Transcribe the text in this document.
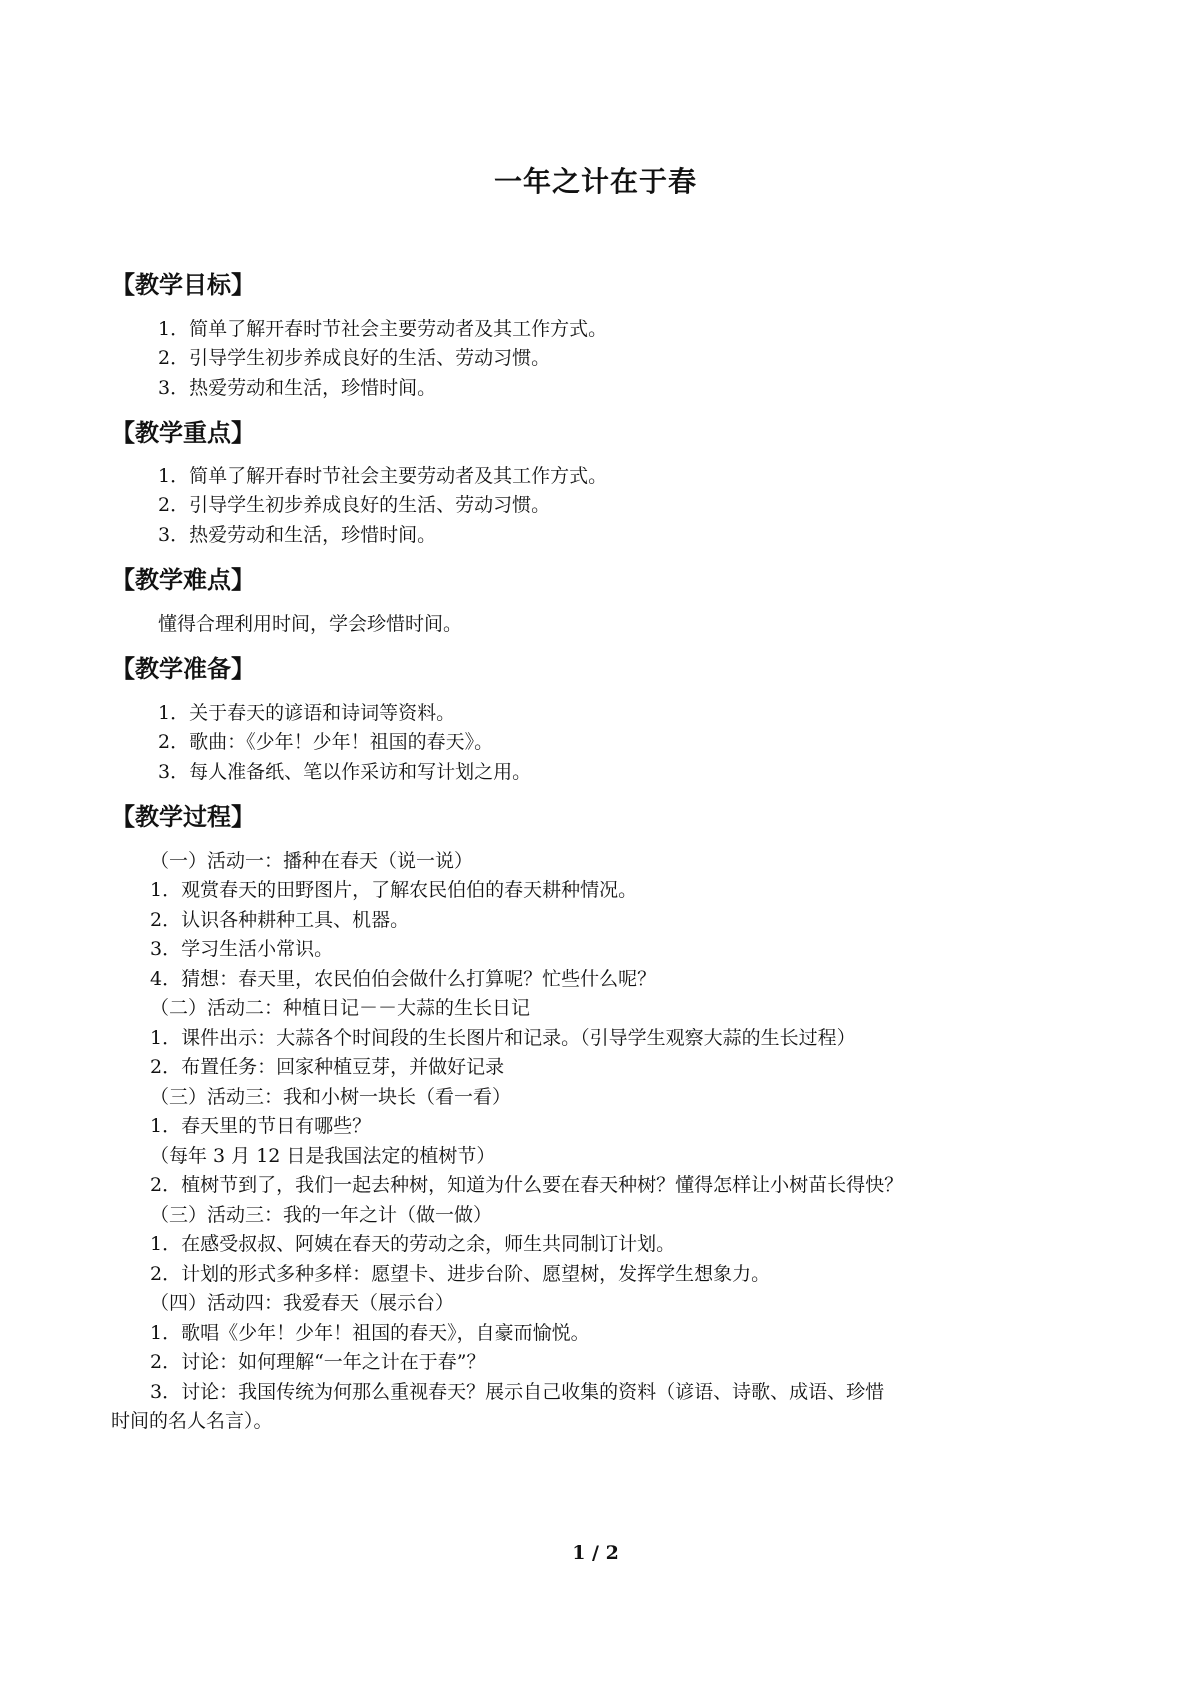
一年之计在于春
【教学目标】
1．简单了解开春时节社会主要劳动者及其工作方式。
2．引导学生初步养成良好的生活、劳动习惯。
3．热爱劳动和生活，珍惜时间。
【教学重点】
1．简单了解开春时节社会主要劳动者及其工作方式。
2．引导学生初步养成良好的生活、劳动习惯。
3．热爱劳动和生活，珍惜时间。
【教学难点】
懂得合理利用时间，学会珍惜时间。
【教学准备】
1．关于春天的谚语和诗词等资料。
2．歌曲：《少年！少年！祖国的春天》。
3．每人准备纸、笔以作采访和写计划之用。
【教学过程】
（一）活动一：播种在春天（说一说）
1．观赏春天的田野图片，了解农民伯伯的春天耕种情况。
2．认识各种耕种工具、机器。
3．学习生活小常识。
4．猜想：春天里，农民伯伯会做什么打算呢？忙些什么呢？
（二）活动二：种植日记－－大蒜的生长日记
1．课件出示：大蒜各个时间段的生长图片和记录。（引导学生观察大蒜的生长过程）
2．布置任务：回家种植豆芽，并做好记录
（三）活动三：我和小树一块长（看一看）
1．春天里的节日有哪些？
（每年 3 月 12 日是我国法定的植树节）
2．植树节到了，我们一起去种树，知道为什么要在春天种树？懂得怎样让小树苗长得快？
（三）活动三：我的一年之计（做一做）
1．在感受叔叔、阿姨在春天的劳动之余，师生共同制订计划。
2．计划的形式多种多样：愿望卡、进步台阶、愿望树，发挥学生想象力。
（四）活动四：我爱春天（展示台）
1．歌唱《少年！少年！祖国的春天》，自豪而愉悦。
2．讨论：如何理解“一年之计在于春”？
3．讨论：我国传统为何那么重视春天？展示自己收集的资料（谚语、诗歌、成语、珍惜
时间的名人名言）。
1 / 2
